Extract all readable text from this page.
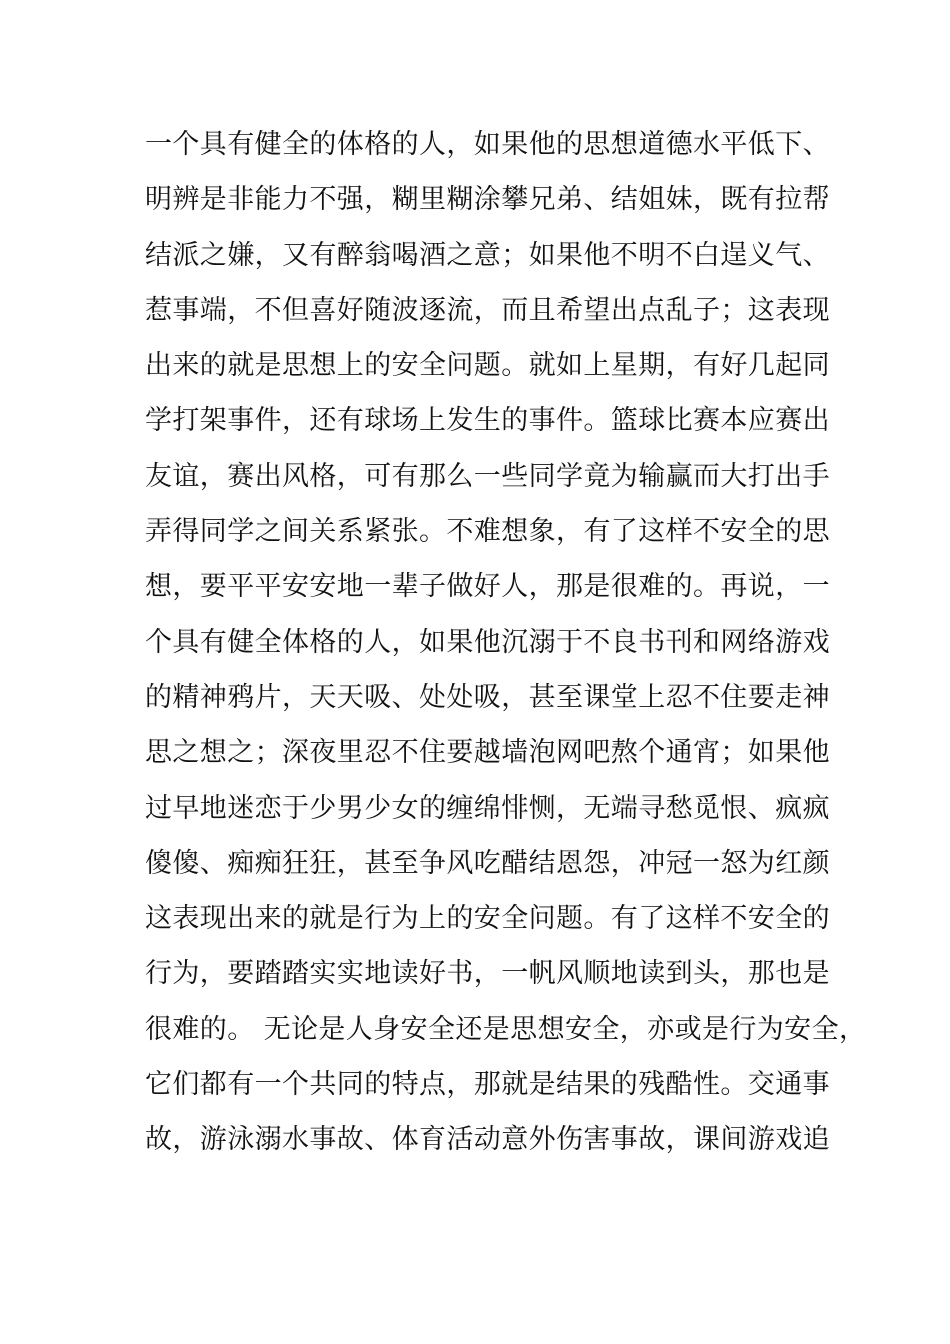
一个具有健全的体格的人，如果他的思想道德水平低下、
明辨是非能力不强，糊里糊涂攀兄弟、结姐妹，既有拉帮
结派之嫌，又有醉翁喝酒之意；如果他不明不白逞义气、
惹事端，不但喜好随波逐流，而且希望出点乱子；这表现
出来的就是思想上的安全问题。就如上星期，有好几起同
学打架事件，还有球场上发生的事件。篮球比赛本应赛出
友谊，赛出风格，可有那么一些同学竟为输赢而大打出手
弄得同学之间关系紧张。不难想象，有了这样不安全的思
想，要平平安安地一辈子做好人，那是很难的。再说，一
个具有健全体格的人，如果他沉溺于不良书刊和网络游戏
的精神鸦片，天天吸、处处吸，甚至课堂上忍不住要走神
思之想之；深夜里忍不住要越墙泡网吧熬个通宵；如果他
过早地迷恋于少男少女的缠绵悱恻，无端寻愁觅恨、疯疯
傻傻、痴痴狂狂，甚至争风吃醋结恩怨，冲冠一怒为红颜
这表现出来的就是行为上的安全问题。有了这样不安全的
行为，要踏踏实实地读好书，一帆风顺地读到头，那也是
很难的。 无论是人身安全还是思想安全，亦或是行为安全，
它们都有一个共同的特点，那就是结果的残酷性。交通事
故，游泳溺水事故、体育活动意外伤害事故，课间游戏追
